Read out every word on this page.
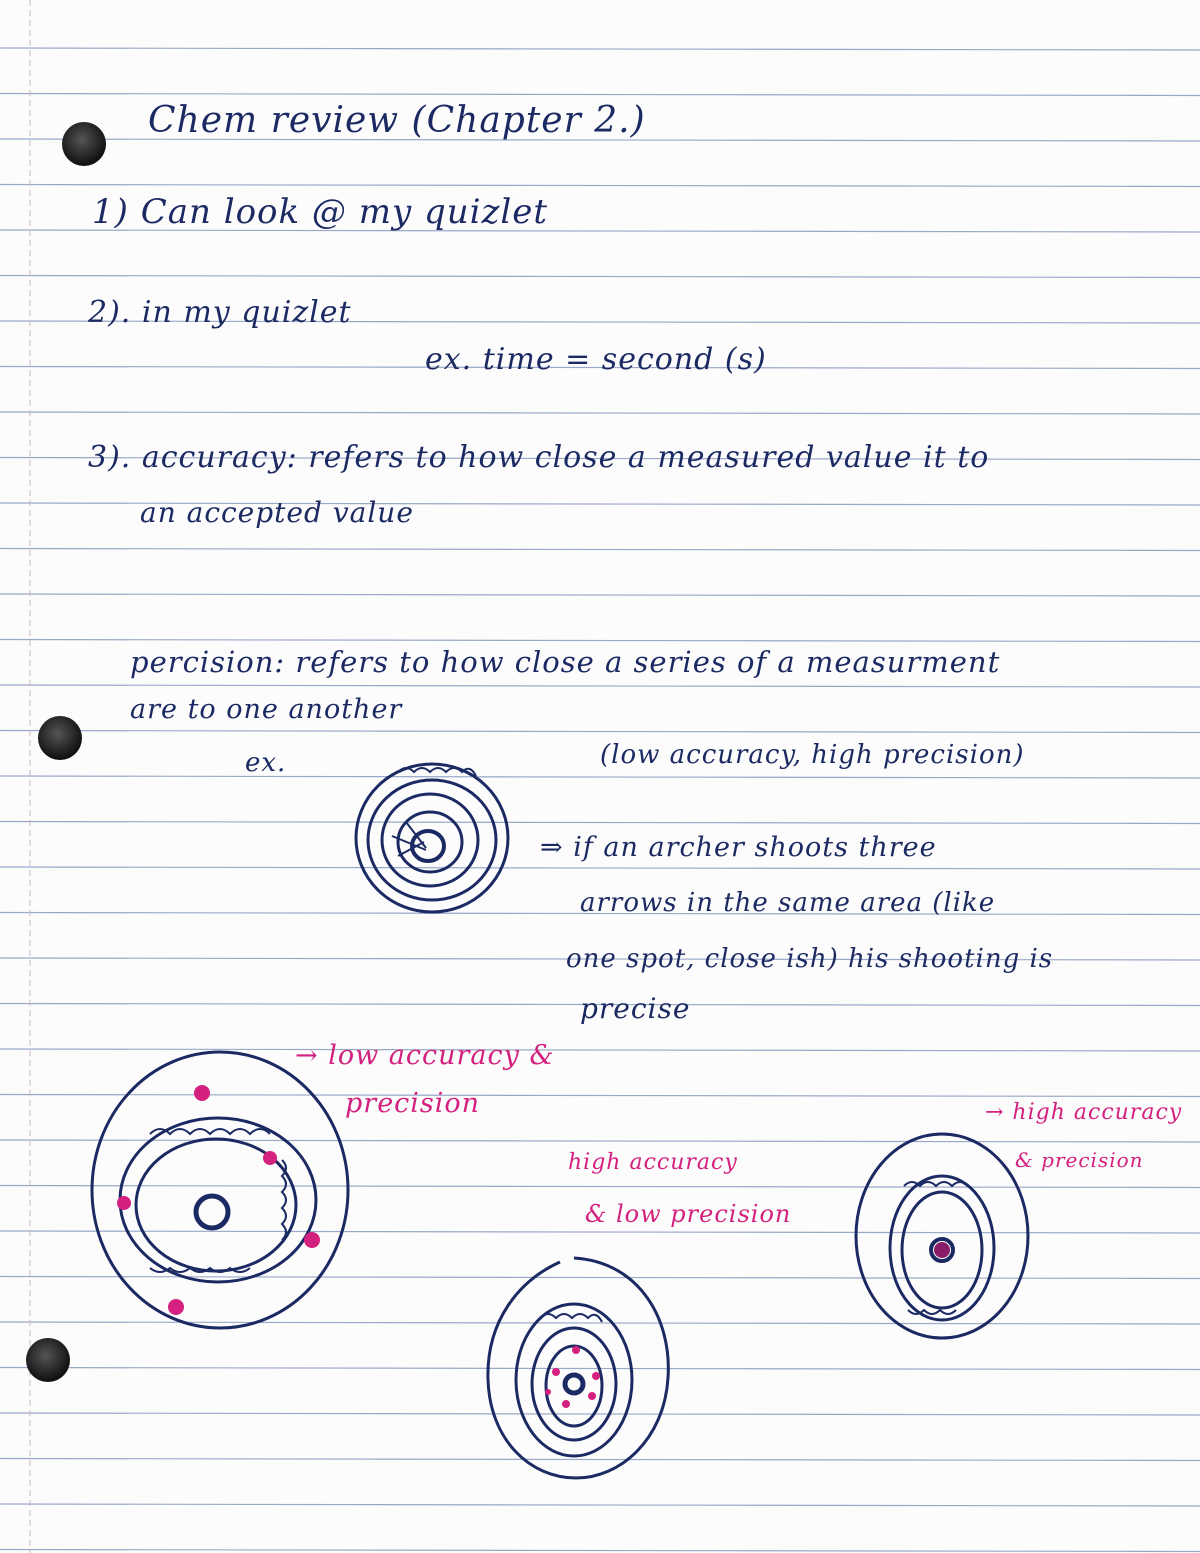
Chem review (Chapter 2.)
1) Can look @ my quizlet
2). in my quizlet
ex. time = second (s)
3). accuracy: refers to how close a measured value it to
an accepted value
percision: refers to how close a series of a measurment
are to one another
ex.	(low accuracy, high precision)
⇒ if an archer shoots three
arrows in the same area (like
one spot, close ish) his shooting is
precise
→ low accuracy &
precision
high accuracy
& low precision
→ high accuracy
& precision
